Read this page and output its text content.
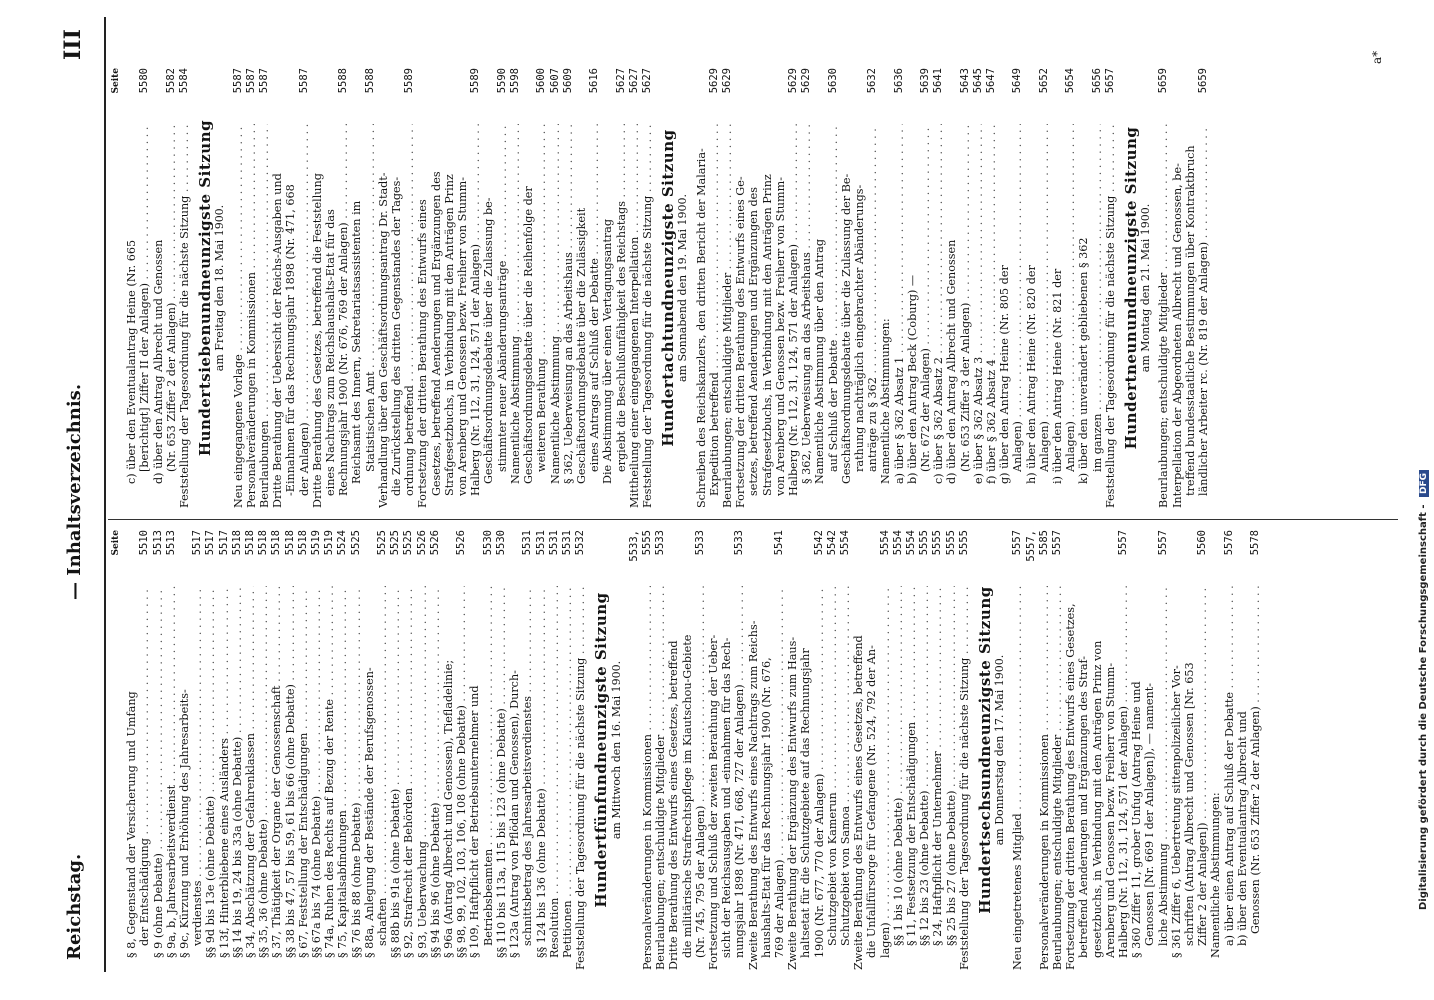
Reichstag.
— Inhaltsverzeichnis.
III
Seite
§ 8, Gegenstand der Versicherung und Umfang der Entschädigung . . .
5510
§ 9 (ohne Debatte) . . .
5513
§ 9a, b, Jahresarbeitsverdienst . . .
5513
§ 9c, Kürzung und Erhöhung des Jahresarbeits- verdienstes . . .
5517
§§ 9d bis 13e (ohne Debatte) . . .
5517
§ 13f, Hinterbliebene eines Ausländers . . .
5517
§§ 14 bis 19, 24 bis 33a (ohne Debatte) . . .
5518
§ 34, Abschätzung der Gefahrenklassen . . .
5518
§§ 35, 36 (ohne Debatte) . . .
5518
§ 37, Thätigkeit der Organe der Genossenschaft . . .
5518
§§ 38 bis 47, 57 bis 59, 61 bis 66 (ohne Debatte) . . .
5518
§ 67, Feststellung der Entschädigungen . . .
5518
§§ 67a bis 74 (ohne Debatte) . . .
5519
§ 74a, Ruhen des Rechts auf Bezug der Rente . . .
5519
§ 75, Kapitalsabfindungen . . .
5524
§§ 76 bis 88 (ohne Debatte) . . .
5525
§ 88a, Anlegung der Bestände der Berufsgenossen- schaften . . .
5525
§§ 88b bis 91a (ohne Debatte) . . .
5525
§ 92, Strafrecht der Behörden . . .
5525
§ 93, Ueberwachung . . .
5526
§§ 94 bis 96 (ohne Debatte) . . .
5526
§ 96a (Antrag Albrecht und Genossen), Tiefladelinie; §§ 98, 99, 102, 103, 106, 108 (ohne Debatte) . . .
5526
§ 109, Haftpflicht der Betriebsunternehmer und Betriebsbeamten . . .
5530
§§ 110 bis 113a, 115 bis 123 (ohne Debatte) . . .
5530
§ 123a (Antrag von Pflödan und Genossen), Durch- schnittsbetrag des Jahresarbeitsverdienstes . . .
5531
§§ 124 bis 136 (ohne Debatte) . . .
5531
Resolution . . .
5531
Petitionen . . .
5531
Feststellung der Tagesordnung für die nächste Sitzung . . .
5532
Hundertfünfundneunzigste Sitzung am Mittwoch den 16. Mai 1900. Personalveränderungen in Kommissionen . . .
5533, 5555
Beurlaubungen; entschuldigte Mitglieder . . .
5533
Dritte Berathung des Entwurfs eines Gesetzes, betreffend die militärische Strafrechtspflege im Kiautschou-Gebiete (Nr. 745, 795 der Anlagen) . . .
5533
Fortsetzung und Schluß der zweiten Berathung der Ueber- sicht der Reichsausgaben und -einnahmen für das Rech- nungsjahr 1898 (Nr. 471, 668, 727 der Anlagen) . . .
5533
Zweite Berathung des Entwurfs eines Nachtrags zum Reichs- haushalts-Etat für das Rechnungsjahr 1900 (Nr. 676, 769 der Anlagen) . . .
5541
Zweite Berathung der Ergänzung des Entwurfs zum Haus- haltsetat für die Schutzgebiete auf das Rechnungsjahr 1900 (Nr. 677, 770 der Anlagen) . . .
5542
Schutzgebiet von Kamerun . . .
5542
Schutzgebiet von Samoa . . .
5554
Zweite Berathung des Entwurfs eines Gesetzes, betreffend die Unfallfürsorge für Gefangene (Nr. 524, 792 der An- lagen) . . .
5554
§§ 1 bis 10 (ohne Debatte) . . .
5554
§ 11, Festsetzung der Entschädigungen . . .
5554
§§ 12 bis 23 (ohne Debatte) . . .
5555
§ 24, Haftpflicht der Unternehmer . . .
5555
§§ 25 bis 27 (ohne Debatte) . . .
5555
Feststellung der Tagesordnung für die nächste Sitzung . . .
5555
Hundertsechsundneunzigste Sitzung am Donnerstag den 17. Mai 1900.
Neu eingetretenes Mitglied . . .
5557
Personalveränderungen in Kommissionen . . .
5557, 5585
Beurlaubungen; entschuldigte Mitglieder . . .
5557
Fortsetzung der dritten Berathung des Entwurfs eines Gesetzes, betreffend Aenderungen und Ergänzungen des Straf- gesetzbuchs, in Verbindung mit den Anträgen Prinz von Arenberg und Genossen bezw. Freiherr von Stumm- Halberg (Nr. 112, 31, 124, 571 der Anlagen) . . .
5557
§ 360 Ziffer 11, grober Unfug (Antrag Heine und Genossen [Nr. 669 I der Anlagen]), — nament- liche Abstimmung . . .
5557
§ 361 Ziffer 6, Uebertretung sittenpolizeilicher Vor- schriften (Antrag Albrecht und Genossen [Nr. 653 Ziffer 2 der Anlagen]) . . .
5560
Namentliche Abstimmungen: a) über einen Antrag auf Schluß der Debatte . . .
5576
b) über den Eventualantrag Albrecht und Genossen (Nr. 653 Ziffer 2 der Anlagen) . . .
5578
Seite
c) über den Eventualantrag Heine (Nr. 665 [berichtigt] Ziffer II der Anlagen) . . .
5580
d) über den Antrag Albrecht und Genossen (Nr. 653 Ziffer 2 der Anlagen) . . .
5582
Feststellung der Tagesordnung für die nächste Sitzung . . .
5584
Hundertsiebenundneunzigste Sitzung am Freitag den 18. Mai 1900.
Neu eingegangene Vorlage . . .
5587
Personalveränderungen in Kommissionen . . .
5587
Beurlaubungen . . .
5587
Dritte Berathung der Uebersicht der Reichs-Ausgaben und -Einnahmen für das Rechnungsjahr 1898 (Nr. 471, 668 der Anlagen) . . .
5587
Dritte Berathung des Gesetzes, betreffend die Feststellung eines Nachtrags zum Reichshaushalts-Etat für das Rechnungsjahr 1900 (Nr. 676, 769 der Anlagen) . . .
5588
Reichsamt des Innern, Sekretariatsassistenten im Statistischen Amt . . .
5588
Verhandlung über den Geschäftsordnungsantrag Dr. Stadt- die Zurückstellung des dritten Gegenstandes der Tages- ordnung betreffend . . .
5589
Fortsetzung der dritten Berathung des Entwurfs eines Gesetzes, betreffend Aenderungen und Ergänzungen des Strafgesetzbuchs, in Verbindung mit den Anträgen Prinz von Arenberg und Genossen bezw. Freiherr von Stumm- Halberg (Nr. 112, 31, 124, 571 der Anlagen) . . .
5589
Geschäftsordnungsdebatte über die Zulassung be- stimmter neuer Abänderungsanträge . . .
5590
Namentliche Abstimmung . . .
5598
Geschäftsordnungsdebatte über die Reihenfolge der weiteren Berathung . . .
5600
Namentliche Abstimmung . . .
5607
§ 362, Ueberweisung an das Arbeitshaus . . .
5609
Geschäftsordnungsdebatte über die Zulässigkeit eines Antrags auf Schluß der Debatte . . .
5616
Die Abstimmung über einen Vertagungsantrag ergiebt die Beschlußunfähigkeit des Reichstags . . .
5627
Mittheilung einer eingegangenen Interpellation . . .
5627
Feststellung der Tagesordnung für die nächste Sitzung . . .
5627
Hundertachtundneunzigste Sitzung am Sonnabend den 19. Mai 1900. Schreiben des Reichskanzlers, den dritten Bericht der Malaria- Expedition betreffend . . .
5629
Beurlaubungen; entschuldigte Mitglieder . . .
5629
Fortsetzung der dritten Berathung des Entwurfs eines Ge- setzes, betreffend Aenderungen und Ergänzungen des Strafgesetzbuchs, in Verbindung mit den Anträgen Prinz von Arenberg und Genossen bezw. Freiherr von Stumm- Halberg (Nr. 112, 31, 124, 571 der Anlagen) . . .
5629
§ 362, Ueberweisung an das Arbeitshaus . . .
5629
Namentliche Abstimmung über den Antrag auf Schluß der Debatte . . .
5630
Geschäftsordnungsdebatte über die Zulassung der Be- rathung nachträglich eingebrachter Abänderungs- anträge zu § 362 . . .
5632
Namentliche Abstimmungen: a) über § 362 Absatz 1 . . .
5636
b) über den Antrag Beck (Coburg) — (Nr. 672 der Anlagen) . . .
5639
c) über § 362 Absatz 2 . . .
5641
d) über den Antrag Albrecht und Genossen (Nr. 653 Ziffer 3 der Anlagen) . . .
5643
e) über § 362 Absatz 3 . . .
5645
f) über § 362 Absatz 4 . . .
5647
g) über den Antrag Heine (Nr. 805 der Anlagen) . . .
5649
h) über den Antrag Heine (Nr. 820 der Anlagen) . . .
5652
i) über den Antrag Heine (Nr. 821 der Anlagen) . . .
5654
k) über den unverändert gebliebenen § 362 im ganzen . . .
5656
Feststellung der Tagesordnung für die nächste Sitzung . . .
5657
Hundertneunundneunzigste Sitzung am Montag den 21. Mai 1900. Beurlaubungen; entschuldigte Mitglieder . . .
5659
Interpellation der Abgeordneten Albrecht und Genossen, be- treffend bundesstaatliche Bestimmungen über Kontraktbruch ländlicher Arbeiter rc. (Nr. 819 der Anlagen) . . .
5659
a*
Digitalisierung gefördert durch die Deutsche Forschungsgemeinschaft - DFG
